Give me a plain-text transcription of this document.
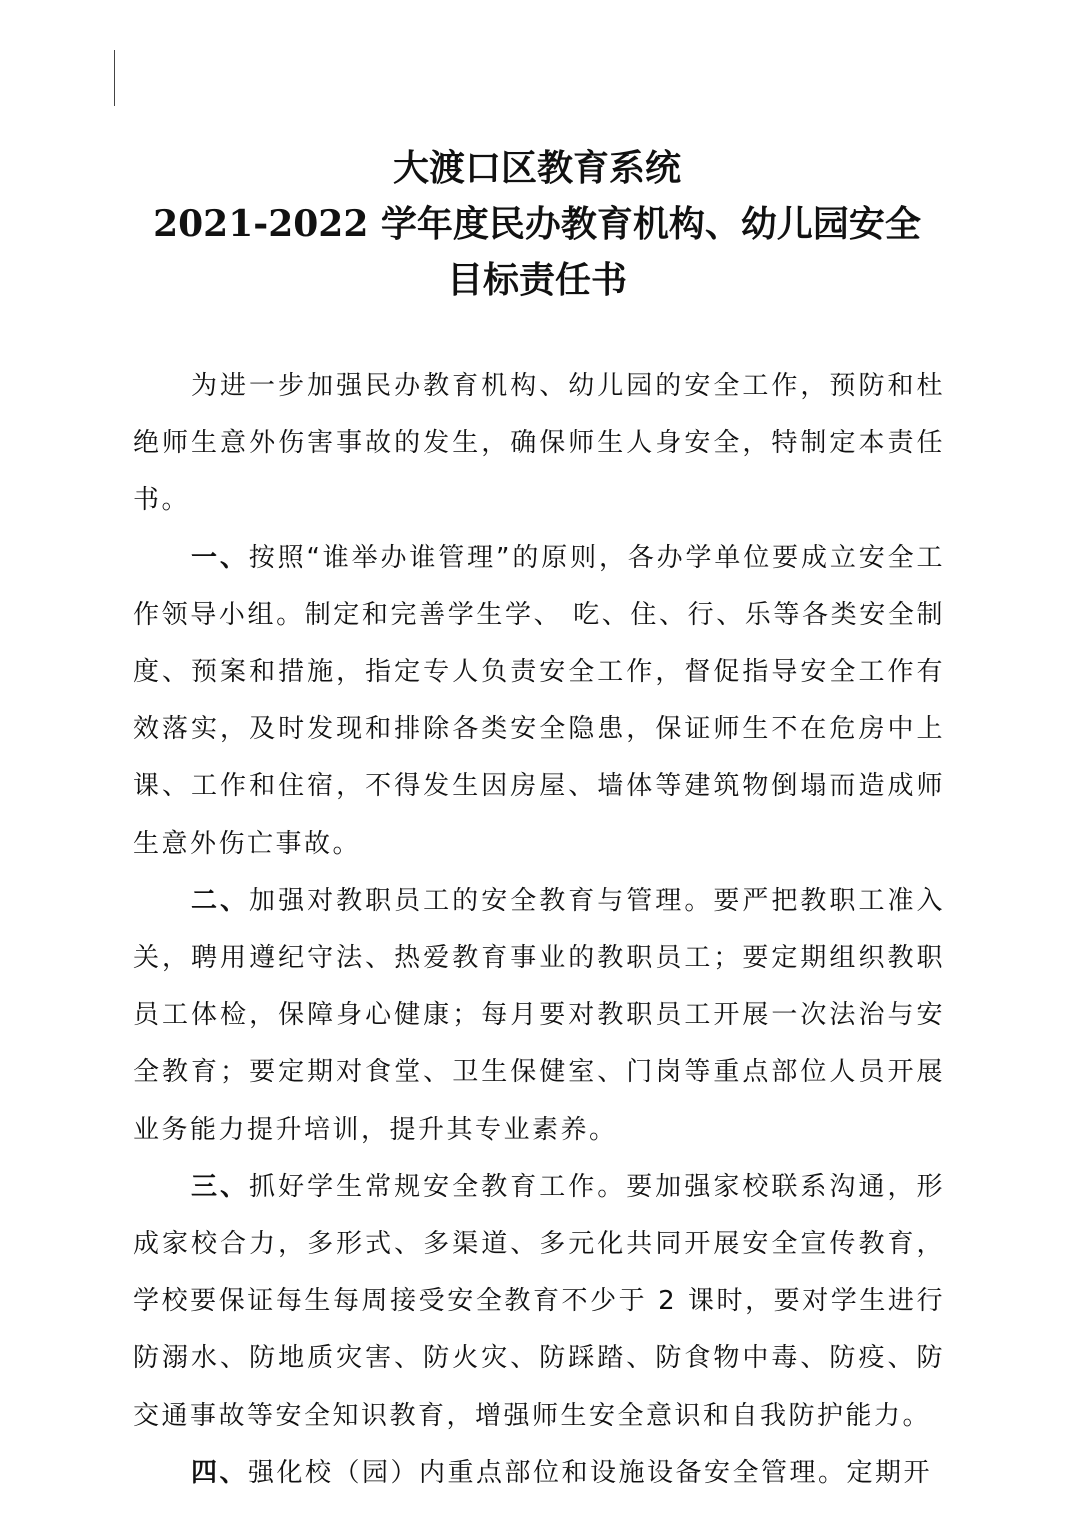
大渡口区教育系统
2021-2022 学年度民办教育机构、幼儿园安全
目标责任书

为进一步加强民办教育机构、幼儿园的安全工作，预防和杜绝师生意外伤害事故的发生，确保师生人身安全，特制定本责任书。

一、按照“谁举办谁管理”的原则，各办学单位要成立安全工作领导小组。制定和完善学生学、 吃、住、行、乐等各类安全制度、预案和措施，指定专人负责安全工作，督促指导安全工作有效落实，及时发现和排除各类安全隐患，保证师生不在危房中上课、工作和住宿，不得发生因房屋、墙体等建筑物倒塌而造成师生意外伤亡事故。

二、加强对教职员工的安全教育与管理。要严把教职工准入关，聘用遵纪守法、热爱教育事业的教职员工；要定期组织教职员工体检，保障身心健康；每月要对教职员工开展一次法治与安全教育；要定期对食堂、卫生保健室、门岗等重点部位人员开展业务能力提升培训，提升其专业素养。

三、抓好学生常规安全教育工作。要加强家校联系沟通，形成家校合力，多形式、多渠道、多元化共同开展安全宣传教育，学校要保证每生每周接受安全教育不少于 2 课时，要对学生进行防溺水、防地质灾害、防火灾、防踩踏、防食物中毒、防疫、防交通事故等安全知识教育，增强师生安全意识和自我防护能力。

四、强化校（园）内重点部位和设施设备安全管理。定期开
